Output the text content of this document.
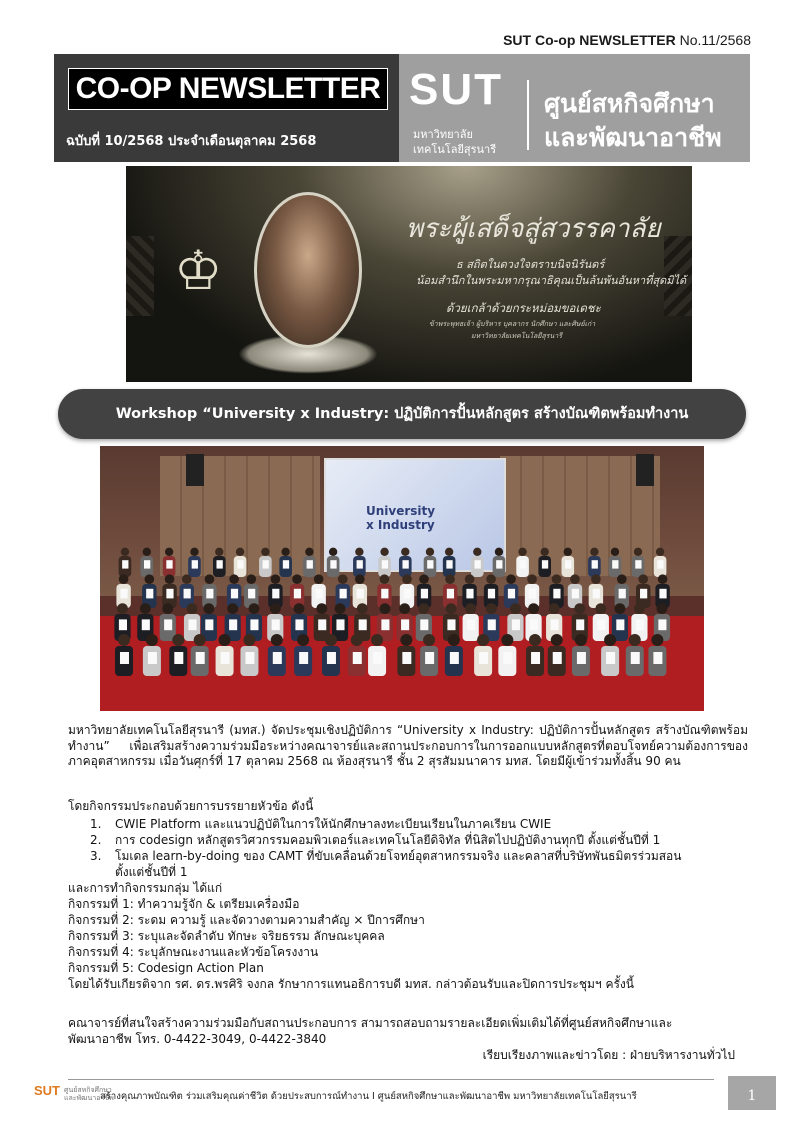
SUT Co-op NEWSLETTER No.11/2568
CO-OP NEWSLETTER
ฉบับที่ 10/2568 ประจำเดือนตุลาคม 2568
SUT
มหาวิทยาลัย
เทคโนโลยีสุรนารี
ศูนย์สหกิจศึกษา
และพัฒนาอาชีพ
♔
พระผู้เสด็จสู่สวรรคาลัย
ธ สถิตในดวงใจตราบนิจนิรันดร์
น้อมสำนึกในพระมหากรุณาธิคุณเป็นล้นพ้นอันหาที่สุดมิได้
ด้วยเกล้าด้วยกระหม่อมขอเดชะ
ข้าพระพุทธเจ้า ผู้บริหาร บุคลากร นักศึกษา และศิษย์เก่า
มหาวิทยาลัยเทคโนโลยีสุรนารี
Workshop “University x Industry: ปฏิบัติการปั้นหลักสูตร สร้างบัณฑิตพร้อมทำงาน
University
x Industry
มหาวิทยาลัยเทคโนโลยีสุรนารี (มทส.) จัดประชุมเชิงปฏิบัติการ “University x Industry: ปฏิบัติการปั้นหลักสูตร สร้างบัณฑิตพร้อมทำงาน” เพื่อเสริมสร้างความร่วมมือระหว่างคณาจารย์และสถานประกอบการในการออกแบบหลักสูตรที่ตอบโจทย์ความต้องการของภาคอุตสาหกรรม เมื่อวันศุกร์ที่ 17 ตุลาคม 2568 ณ ห้องสุรนารี ชั้น 2 สุรสัมมนาคาร มทส. โดยมีผู้เข้าร่วมทั้งสิ้น 90 คน
โดยกิจกรรมประกอบด้วยการบรรยายหัวข้อ ดังนี้
1. CWIE Platform และแนวปฏิบัติในการให้นักศึกษาลงทะเบียนเรียนในภาคเรียน CWIE
2. การ codesign หลักสูตรวิศวกรรมคอมพิวเตอร์และเทคโนโลยีดิจิทัล ที่นิสิตไปปฏิบัติงานทุกปี ตั้งแต่ชั้นปีที่ 1
3. โมเดล learn-by-doing ของ CAMT ที่ขับเคลื่อนด้วยโจทย์อุตสาหกรรมจริง และคลาสที่บริษัทพันธมิตรร่วมสอน
ตั้งแต่ชั้นปีที่ 1
และการทำกิจกรรมกลุ่ม ได้แก่
กิจกรรมที่ 1: ทำความรู้จัก & เตรียมเครื่องมือ
กิจกรรมที่ 2: ระดม ความรู้ และจัดวางตามความสำคัญ × ปีการศึกษา
กิจกรรมที่ 3: ระบุและจัดลำดับ ทักษะ จริยธรรม ลักษณะบุคคล
กิจกรรมที่ 4: ระบุลักษณะงานและหัวข้อโครงงาน
กิจกรรมที่ 5: Codesign Action Plan
โดยได้รับเกียรติจาก รศ. ดร.พรศิริ จงกล รักษาการแทนอธิการบดี มทส. กล่าวต้อนรับและปิดการประชุมฯ ครั้งนี้
คณาจารย์ที่สนใจสร้างความร่วมมือกับสถานประกอบการ สามารถสอบถามรายละเอียดเพิ่มเติมได้ที่ศูนย์สหกิจศึกษาและ
พัฒนาอาชีพ โทร. 0-4422-3049, 0-4422-3840
เรียบเรียงภาพและข่าวโดย : ฝ่ายบริหารงานทั่วไป
SUT ศูนย์สหกิจศึกษาและพัฒนาอาชีพ
สร้างคุณภาพบัณฑิต ร่วมเสริมคุณค่าชีวิต ด้วยประสบการณ์ทำงาน I ศูนย์สหกิจศึกษาและพัฒนาอาชีพ มหาวิทยาลัยเทคโนโลยีสุรนารี	1
